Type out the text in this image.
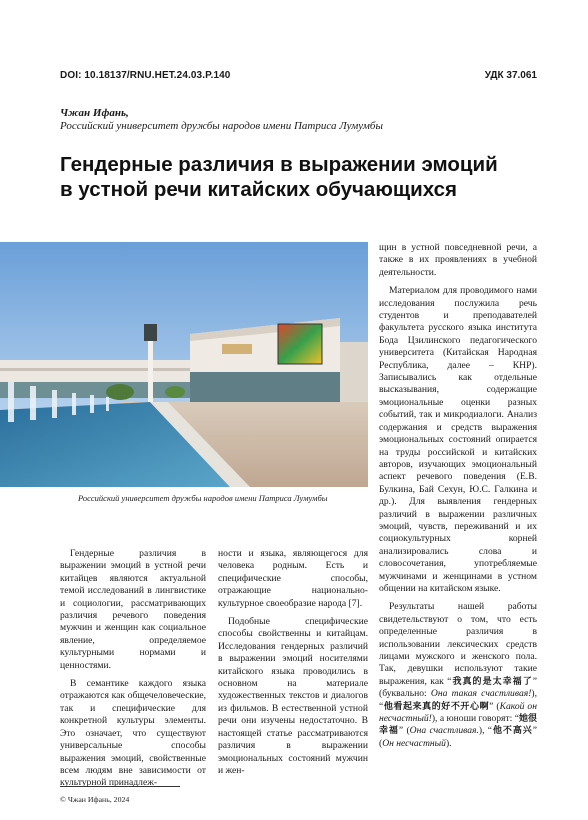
DOI: 10.18137/RNU.HET.24.03.P.140	УДК 37.061
Чжан Ифань,
Российский университет дружбы народов имени Патриса Лумумбы
Гендерные различия в выражении эмоций
в устной речи китайских обучающихся
Российский университет дружбы народов имени Патриса Лумумбы

Гендерные различия в выражении эмоций в устной речи китайцев являются актуальной темой исследований в лингвистике и социологии, рассматривающих различия речевого поведения мужчин и женщин как социальное явление, определяемое культурными нормами и ценностями.

В семантике каждого языка отражаются как общечеловеческие, так и специфические для конкретной культуры элементы. Это означает, что существуют универсальные способы выражения эмоций, свойственные всем людям вне зависимости от культурной принадлеж-

ности и языка, являющегося для человека родным. Есть и специфические способы, отражающие национально-культурное своеобразие народа [7].

Подобные специфические способы свойственны и китайцам. Исследования гендерных различий в выражении эмоций носителями китайского языка проводились в основном на материале художественных текстов и диалогов из фильмов. В естественной устной речи они изучены недостаточно. В настоящей статье рассматриваются различия в выражении эмоциональных состояний мужчин и жен-

щин в устной повседневной речи, а также в их проявлениях в учебной деятельности.

Материалом для проводимого нами исследования послужила речь студентов и преподавателей факультета русского языка института Бода Цзилинского педагогического университета (Китайская Народная Республика, далее – КНР). Записывались как отдельные высказывания, содержащие эмоциональные оценки разных событий, так и микродиалоги. Анализ содержания и средств выражения эмоциональных состояний опирается на труды российской и китайских авторов, изучающих эмоциональный аспект речевого поведения (Е.В. Булкина, Бай Сехун, Ю.С. Галкина и др.). Для выявления гендерных различий в выражении различных эмоций, чувств, переживаний и их социокультурных корней анализировались слова и словосочетания, употребляемые мужчинами и женщинами в устном общении на китайском языке.

Результаты нашей работы свидетельствуют о том, что есть определенные различия в использовании лексических средств лицами мужского и женского пола. Так, девушки используют такие выражения, как “我真的是太幸福了” (буквально: Она такая счастливая!), “他看起来真的好不开心啊” (Какой он несчастный!), а юноши говорят: “她很幸福” (Она счастливая.), “他不高兴” (Он несчастный).

© Чжан Ифань, 2024
